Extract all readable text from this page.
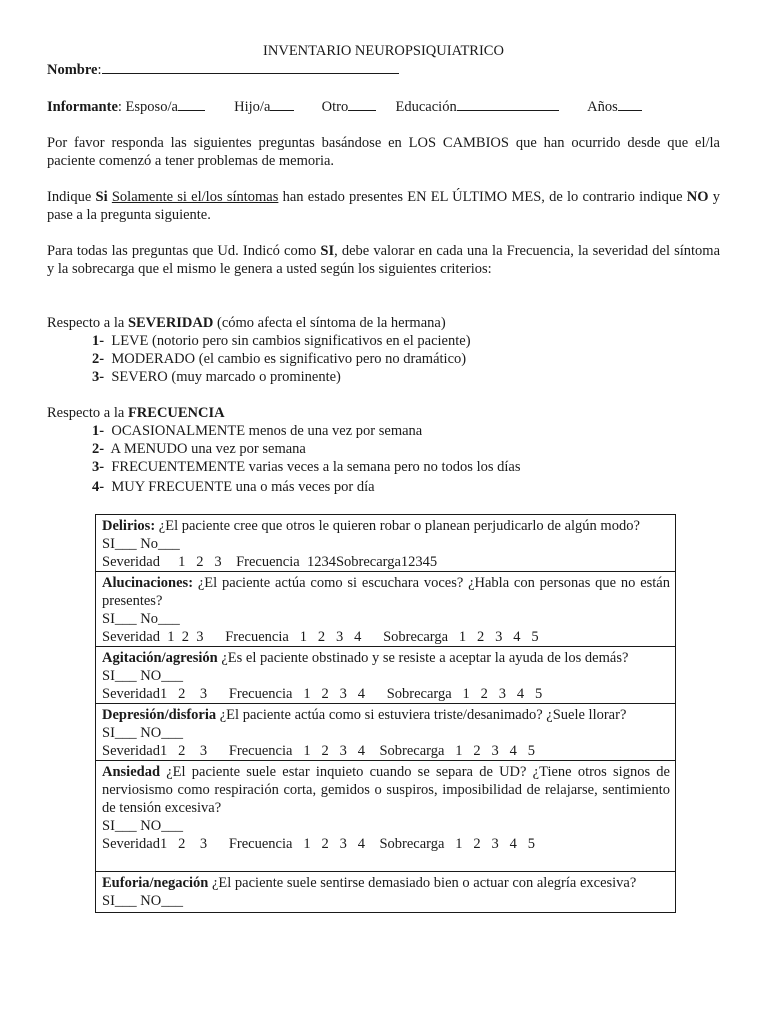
INVENTARIO NEUROPSIQUIATRICO

Nombre:

Informante: Esposo/a	Hijo/a	Otro	Educación	Años

Por favor responda las siguientes preguntas basándose en LOS CAMBIOS que han ocurrido desde que el/la paciente comenzó a tener problemas de memoria.

Indique Si Solamente si el/los síntomas han estado presentes EN EL ÚLTIMO MES, de lo contrario indique NO y pase a la pregunta siguiente.

Para todas las preguntas que Ud. Indicó como SI, debe valorar en cada una la Frecuencia, la severidad del síntoma y la sobrecarga que el mismo le genera a usted según los siguientes criterios:

Respecto a la SEVERIDAD (cómo afecta el síntoma de la hermana)

1- LEVE (notorio pero sin cambios significativos en el paciente)
2- MODERADO (el cambio es significativo pero no dramático)
3- SEVERO (muy marcado o prominente)

Respecto a la FRECUENCIA

1- OCASIONALMENTE menos de una vez por semana
2- A MENUDO una vez por semana
3- FRECUENTEMENTE varias veces a la semana pero no todos los días
4- MUY FRECUENTE una o más veces por día

Delirios: ¿El paciente cree que otros le quieren robar o planean perjudicarlo de algún modo?

SI___ No___

Severidad     1   2   3    Frecuencia  1234Sobrecarga12345

Alucinaciones: ¿El paciente actúa como si escuchara voces? ¿Habla con personas que no están presentes?

SI___ No___

Severidad  1  2  3      Frecuencia   1   2   3   4      Sobrecarga   1   2   3   4   5

Agitación/agresión ¿Es el paciente obstinado y se resiste a aceptar la ayuda de los demás?

SI___ NO___

Severidad1   2    3      Frecuencia   1   2   3   4      Sobrecarga   1   2   3   4   5

Depresión/disforia ¿El paciente actúa como si estuviera triste/desanimado? ¿Suele llorar?

SI___ NO___

Severidad1   2    3      Frecuencia   1   2   3   4    Sobrecarga   1   2   3   4   5

Ansiedad ¿El paciente suele estar inquieto cuando se separa de UD? ¿Tiene otros signos de nerviosismo como respiración corta, gemidos o suspiros, imposibilidad de relajarse, sentimiento de tensión excesiva?

SI___ NO___

Severidad1   2    3      Frecuencia   1   2   3   4    Sobrecarga   1   2   3   4   5

Euforia/negación ¿El paciente suele sentirse demasiado bien o actuar con alegría excesiva?

SI___ NO___
